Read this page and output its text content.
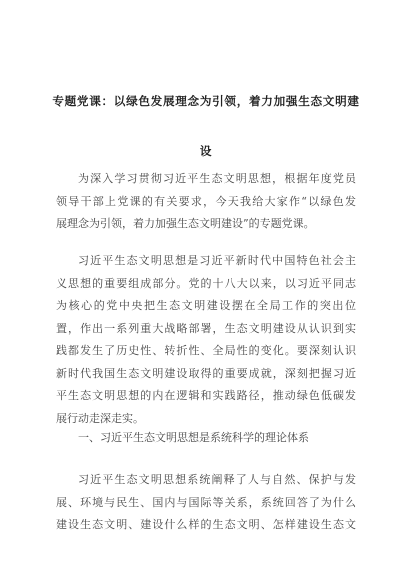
专题党课：以绿色发展理念为引领，着力加强生态文明建
设

为深入学习贯彻习近平生态文明思想，根据年度党员
领导干部上党课的有关要求，今天我给大家作“以绿色发
展理念为引领，着力加强生态文明建设”的专题党课。

习近平生态文明思想是习近平新时代中国特色社会主
义思想的重要组成部分。党的十八大以来，以习近平同志
为核心的党中央把生态文明建设摆在全局工作的突出位
置，作出一系列重大战略部署，生态文明建设从认识到实
践都发生了历史性、转折性、全局性的变化。要深刻认识
新时代我国生态文明建设取得的重要成就，深刻把握习近
平生态文明思想的内在逻辑和实践路径，推动绿色低碳发
展行动走深走实。

一、习近平生态文明思想是系统科学的理论体系

习近平生态文明思想系统阐释了人与自然、保护与发
展、环境与民生、国内与国际等关系，系统回答了为什么
建设生态文明、建设什么样的生态文明、怎样建设生态文
